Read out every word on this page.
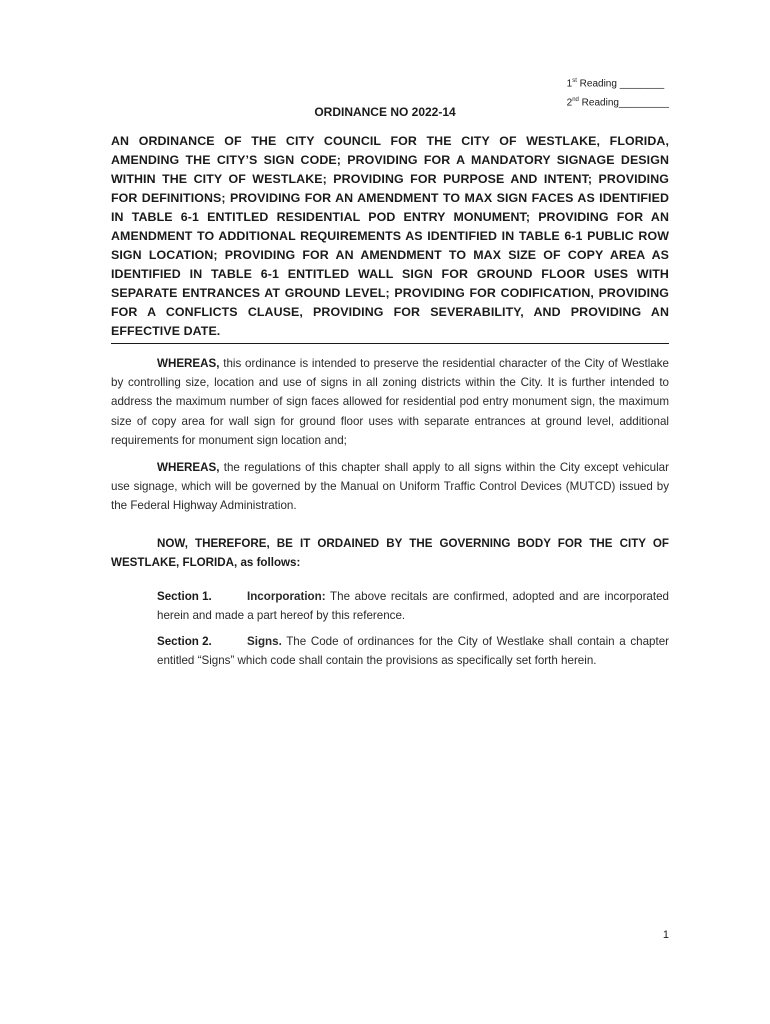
1st Reading ________
2nd Reading_________
ORDINANCE NO 2022-14
AN ORDINANCE OF THE CITY COUNCIL FOR THE CITY OF WESTLAKE, FLORIDA, AMENDING THE CITY’S SIGN CODE; PROVIDING FOR A MANDATORY SIGNAGE DESIGN WITHIN THE CITY OF WESTLAKE; PROVIDING FOR PURPOSE AND INTENT; PROVIDING FOR DEFINITIONS; PROVIDING FOR AN AMENDMENT TO MAX SIGN FACES AS IDENTIFIED IN TABLE 6-1 ENTITLED RESIDENTIAL POD ENTRY MONUMENT; PROVIDING FOR AN AMENDMENT TO ADDITIONAL REQUIREMENTS AS IDENTIFIED IN TABLE 6-1 PUBLIC ROW SIGN LOCATION; PROVIDING FOR AN AMENDMENT TO MAX SIZE OF COPY AREA AS IDENTIFIED IN TABLE 6-1 ENTITLED WALL SIGN FOR GROUND FLOOR USES WITH SEPARATE ENTRANCES AT GROUND LEVEL; PROVIDING FOR CODIFICATION, PROVIDING FOR A CONFLICTS CLAUSE, PROVIDING FOR SEVERABILITY, AND PROVIDING AN EFFECTIVE DATE.
WHEREAS, this ordinance is intended to preserve the residential character of the City of Westlake by controlling size, location and use of signs in all zoning districts within the City. It is further intended to address the maximum number of sign faces allowed for residential pod entry monument sign, the maximum size of copy area for wall sign for ground floor uses with separate entrances at ground level, additional requirements for monument sign location and;
WHEREAS, the regulations of this chapter shall apply to all signs within the City except vehicular use signage, which will be governed by the Manual on Uniform Traffic Control Devices (MUTCD) issued by the Federal Highway Administration.
NOW, THEREFORE, BE IT ORDAINED BY THE GOVERNING BODY FOR THE CITY OF WESTLAKE, FLORIDA, as follows:
Section 1.	Incorporation: The above recitals are confirmed, adopted and are incorporated herein and made a part hereof by this reference.
Section 2.	Signs. The Code of ordinances for the City of Westlake shall contain a chapter entitled “Signs” which code shall contain the provisions as specifically set forth herein.
1
